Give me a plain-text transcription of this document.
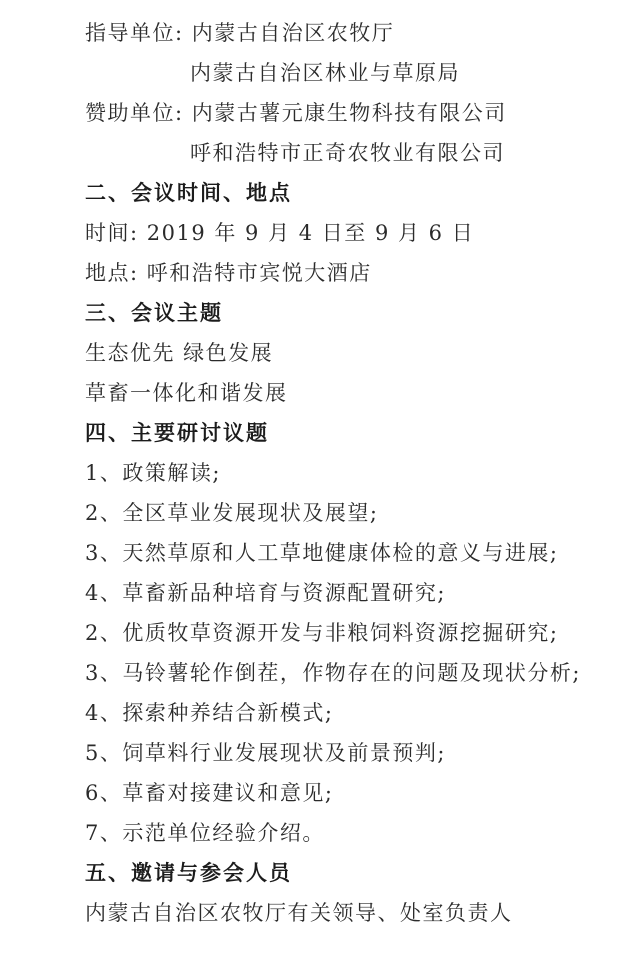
指导单位: 内蒙古自治区农牧厅
内蒙古自治区林业与草原局
赞助单位: 内蒙古薯元康生物科技有限公司
呼和浩特市正奇农牧业有限公司
二、会议时间、地点
时间: 2019 年 9 月 4 日至 9 月 6 日
地点: 呼和浩特市宾悦大酒店
三、会议主题
生态优先 绿色发展
草畜一体化和谐发展
四、主要研讨议题
1、政策解读;
2、全区草业发展现状及展望;
3、天然草原和人工草地健康体检的意义与进展;
4、草畜新品种培育与资源配置研究;
2、优质牧草资源开发与非粮饲料资源挖掘研究;
3、马铃薯轮作倒茬，作物存在的问题及现状分析;
4、探索种养结合新模式;
5、饲草料行业发展现状及前景预判;
6、草畜对接建议和意见;
7、示范单位经验介绍。
五、邀请与参会人员
内蒙古自治区农牧厅有关领导、处室负责人
